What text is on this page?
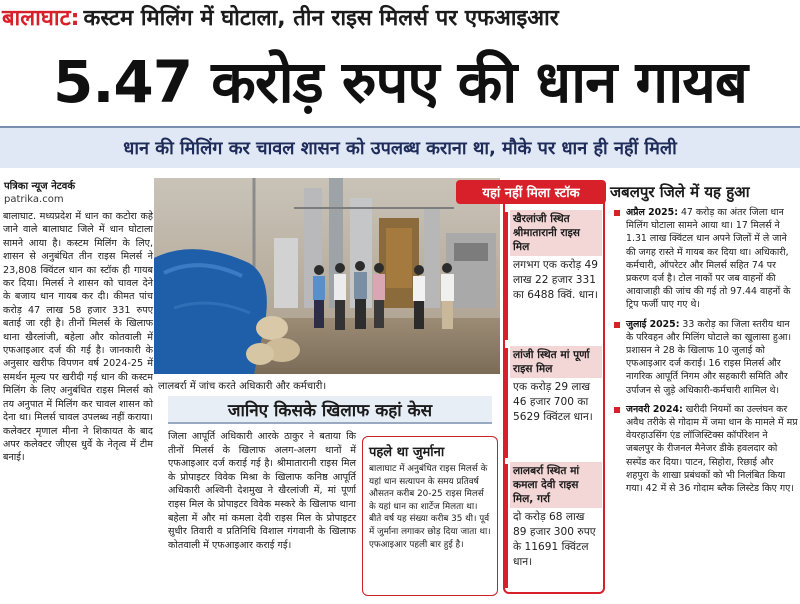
बालाघाट: कस्टम मिलिंग में घोटाला, तीन राइस मिलर्स पर एफआइआर
5.47 करोड़ रुपए की धान गायब
धान की मिलिंग कर चावल शासन को उपलब्ध कराना था, मौके पर धान ही नहीं मिली
पत्रिका न्यूज नेटवर्क
patrika.com
बालाघाट. मध्यप्रदेश में धान का कटोरा कहे जाने वाले बालाघाट जिले में धान घोटाला सामने आया है। कस्टम मिलिंग के लिए, शासन से अनुबंधित तीन राइस मिलर्स ने 23,808 क्विंटल धान का स्टॉक ही गायब कर दिया। मिलर्स ने शासन को चावल देने के बजाय धान गायब कर दी। कीमत पांच करोड़ 47 लाख 58 हजार 331 रुपए बताई जा रही है। तीनों मिलर्स के खिलाफ थाना खैरलांजी, बहेला और कोतवाली में एफआइआर दर्ज की गई है। जानकारी के अनुसार खरीफ विपणन वर्ष 2024-25 में समर्थन मूल्य पर खरीदी गई धान की कस्टम मिलिंग के लिए अनुबंधित राइस मिलर्स को तय अनुपात में मिलिंग कर चावल शासन को देना था। मिलर्स चावल उपलब्ध नहीं कराया। कलेक्टर मृणाल मीना ने शिकायत के बाद अपर कलेक्टर जीएस धुर्वे के नेतृत्व में टीम बनाई।
लालबर्रा में जांच करते अधिकारी और कर्मचारी।
जानिए किसके खिलाफ कहां केस
जिला आपूर्ति अधिकारी आरके ठाकुर ने बताया कि तीनों मिलर्स के खिलाफ अलग-अलग थानों में एफआइआर दर्ज कराई गई है। श्रीमातारानी राइस मिल के प्रोपाइटर विवेक मिश्रा के खिलाफ कनिष्ठ आपूर्ति अधिकारी अश्विनी देशमुख ने खैरलांजी में, मां पूर्णा राइस मिल के प्रोपाइटर विवेक मस्करे के खिलाफ थाना बहेला में और मां कमला देवी राइस मिल के प्रोपाइटर सुधीर तिवारी व प्रतिनिधि विशाल गंगवानी के खिलाफ कोतवाली में एफआइआर कराई गई।
पहले था जुर्माना
बालाघाट में अनुबंधित राइस मिलर्स के यहां धान सत्यापन के समय प्रतिवर्ष औसतन करीब 20-25 राइस मिलर्स के यहां धान का शार्टेज मिलता था। बीते वर्ष यह संख्या करीब 35 थी। पूर्व में जुर्माना लगाकर छोड़ दिया जाता था। एफआइआर पहली बार हुई है।
यहां नहीं मिला स्टॉक
खैरलांजी स्थित श्रीमातारानी राइस मिल
लगभग एक करोड़ 49 लाख 22 हजार 331 का 6488 क्विं. धान।
लांजी स्थित मां पूर्णा राइस मिल
एक करोड़ 29 लाख 46 हजार 700 का 5629 क्विंटल धान।
लालबर्रा स्थित मां कमला देवी राइस मिल, गर्रा
दो करोड़ 68 लाख 89 हजार 300 रुपए के 11691 क्विंटल धान।
जबलपुर जिले में यह हुआ
अप्रैल 2025: 47 करोड़ का अंतर जिला धान मिलिंग घोटाला सामने आया था। 17 मिलर्स ने 1.31 लाख क्विंटल धान अपने जिलों में ले जाने की जगह रास्ते में गायब कर दिया था। अधिकारी, कर्मचारी, ऑपरेटर और मिलर्स सहित 74 पर प्रकरण दर्ज है। टोल नाकों पर जब वाहनों की आवाजाही की जांच की गई तो 97.44 वाहनों के ट्रिप फर्जी पाए गए थे।
जुलाई 2025: 33 करोड़ का जिला स्तरीय धान के परिवहन और मिलिंग घोटाले का खुलासा हुआ। प्रशासन ने 28 के खिलाफ 10 जुलाई को एफआइआर दर्ज कराई। 16 राइस मिलर्स और नागरिक आपूर्ति निगम और सहकारी समिति और उर्पाजन से जुड़े अधिकारी-कर्मचारी शामिल थे।
जनवरी 2024: खरीदी नियमों का उल्लंघन कर अवैध तरीके से गोदाम में जमा धान के मामले में मप्र वेयरहाउसिंग एंड लॉजिस्टिक्स कॉर्पोरेशन ने जबलपुर के रीजनल मैनेजर डीके हवलदार को सस्पेंड कर दिया। पाटन, सिहोरा, रिछाई और शहपुरा के शाखा प्रबंधकों को भी निलंबित किया गया। 42 में से 36 गोदाम ब्लैक लिस्टेड किए गए।
